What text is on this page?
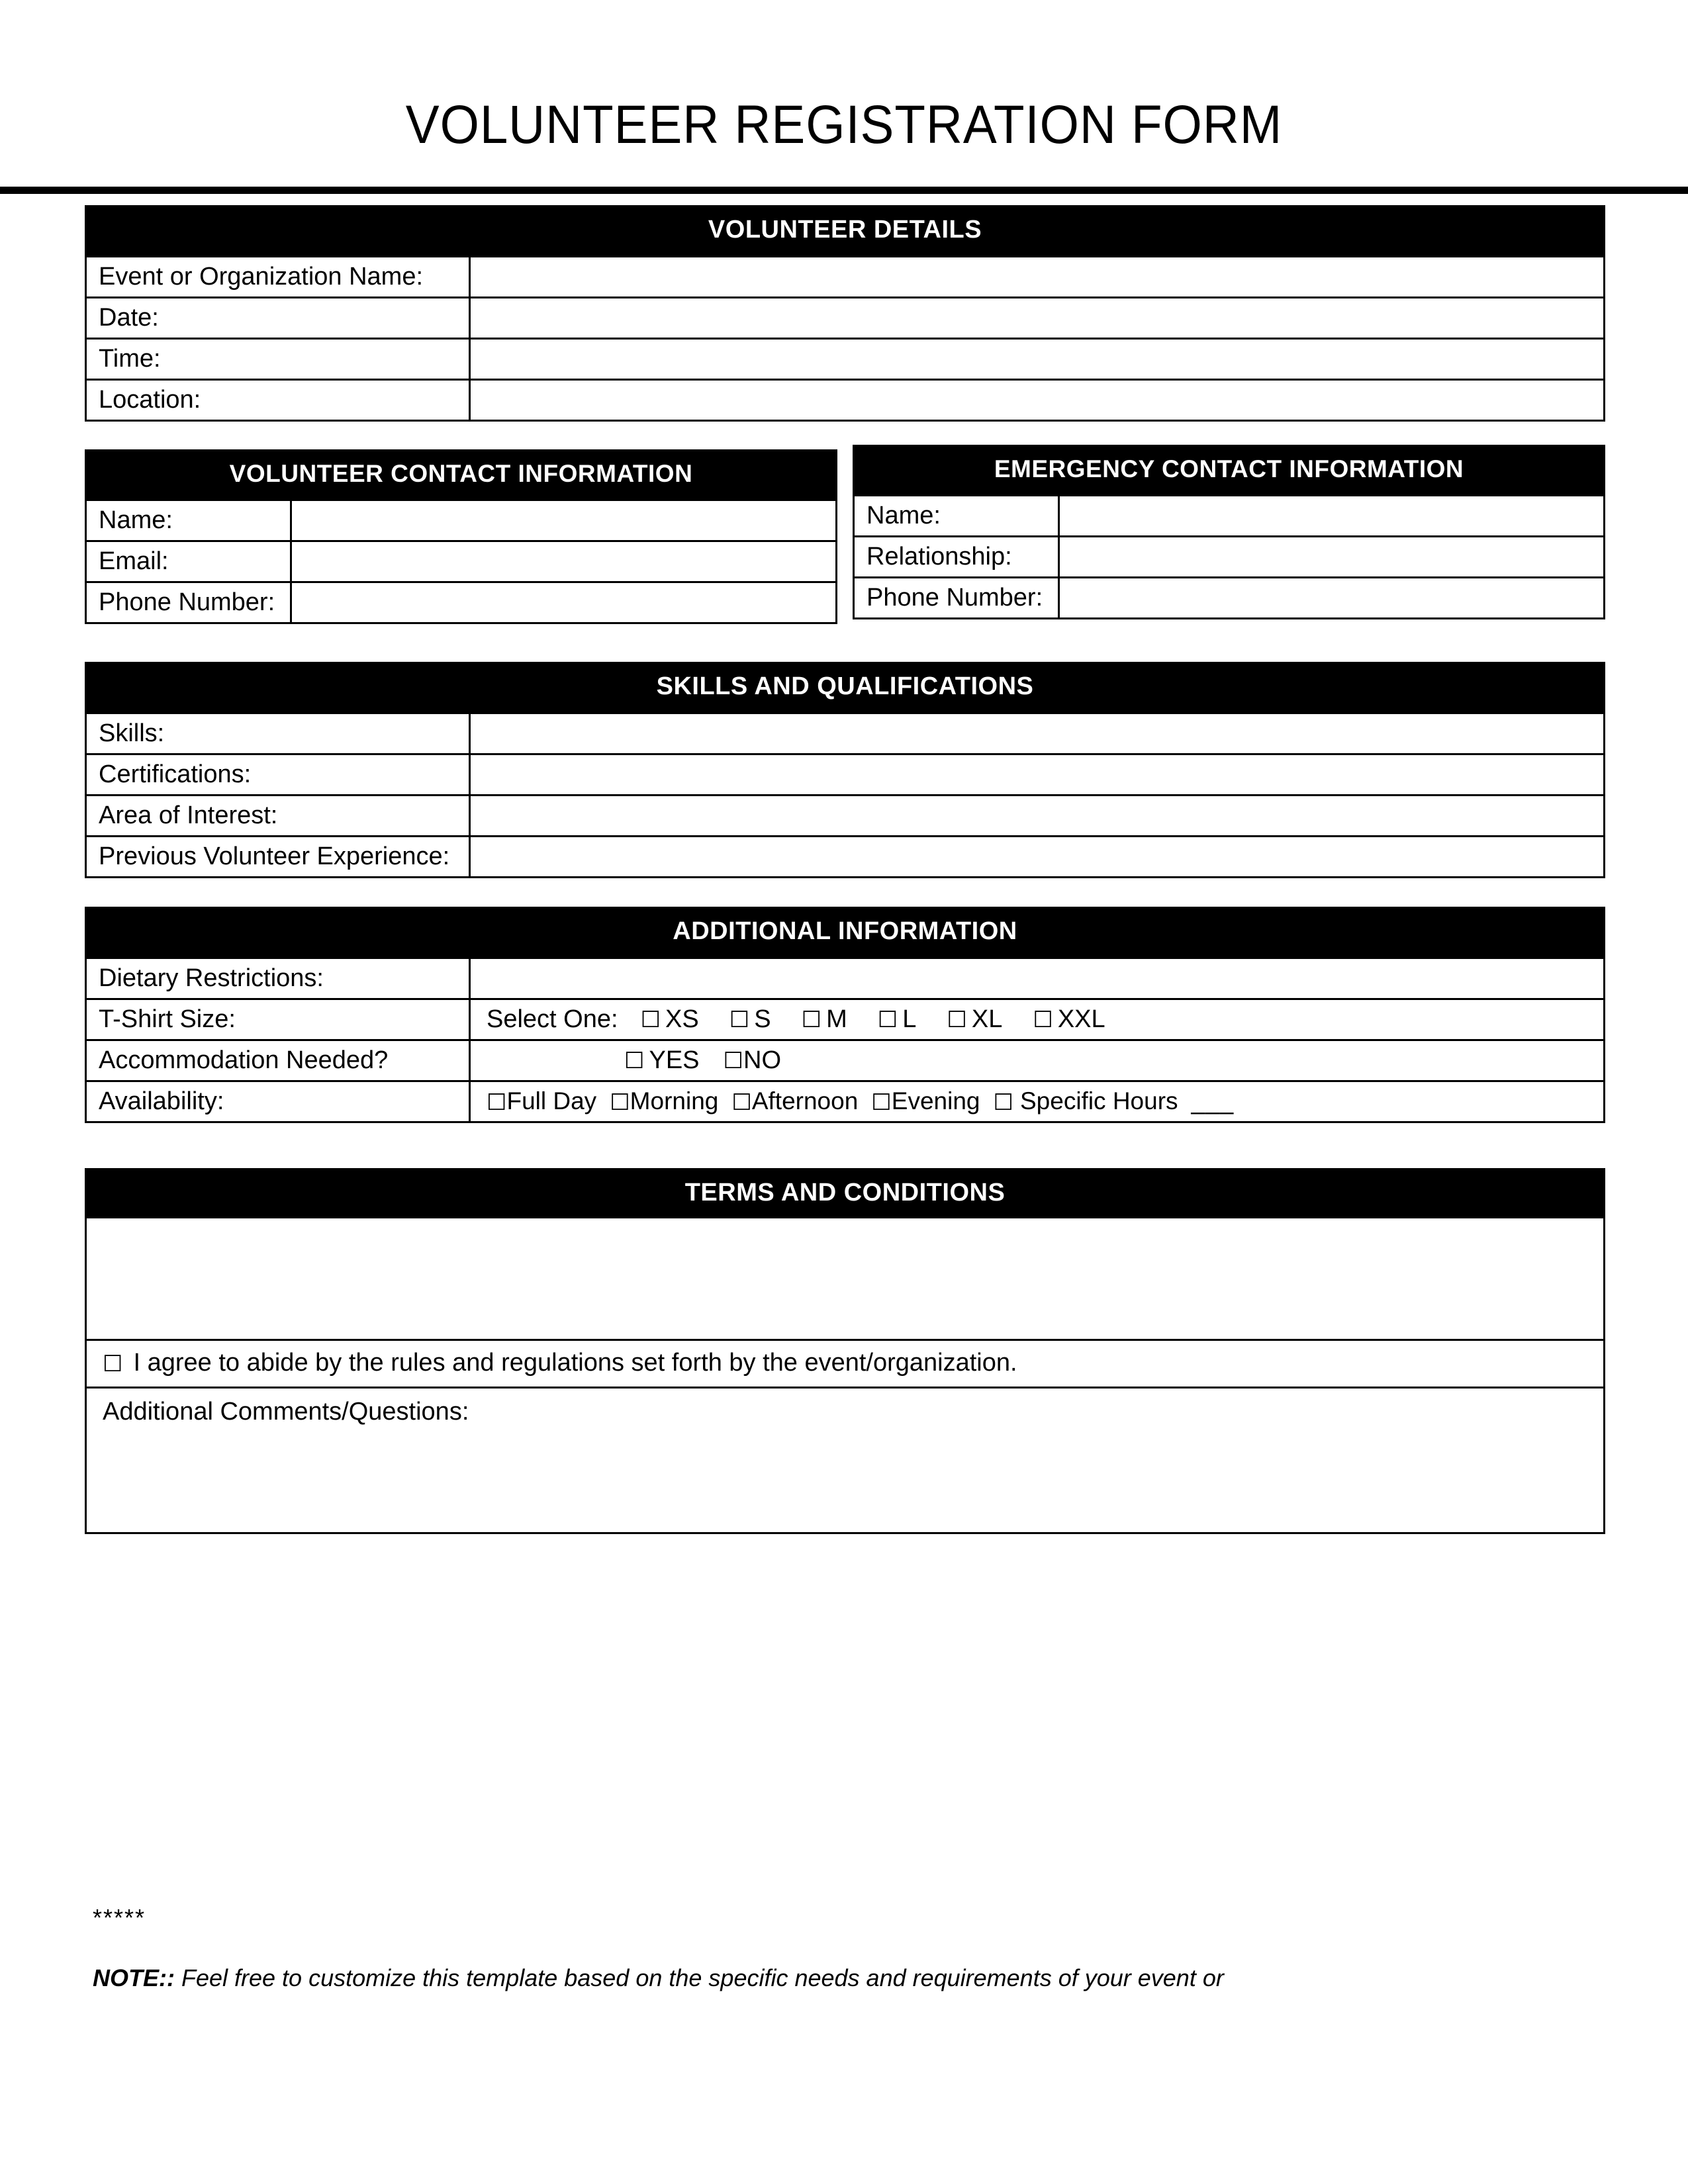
VOLUNTEER REGISTRATION FORM
VOLUNTEER DETAILS
Event or Organization Name:	
Date:	
Time:	
Location:	
VOLUNTEER CONTACT INFORMATION
Name:	
Email:	
Phone Number:	
EMERGENCY CONTACT INFORMATION
Name:	
Relationship:	
Phone Number:	
SKILLS AND QUALIFICATIONS
Skills:	
Certifications:	
Area of Interest:	
Previous Volunteer Experience:	
ADDITIONAL INFORMATION
Dietary Restrictions:	
T-Shirt Size:	Select One: ☐ XS ☐ S ☐ M ☐ L ☐ XL ☐ XXL

Accommodation Needed?	☐ YES ☐ NO

Availability:	☐ Full Day ☐ Morning ☐ Afternoon ☐ Evening ☐ Specific Hours ___
TERMS AND CONDITIONS
☐ I agree to abide by the rules and regulations set forth by the event/organization.
Additional Comments/Questions:
*****
NOTE:: Feel free to customize this template based on the specific needs and requirements of your event or
